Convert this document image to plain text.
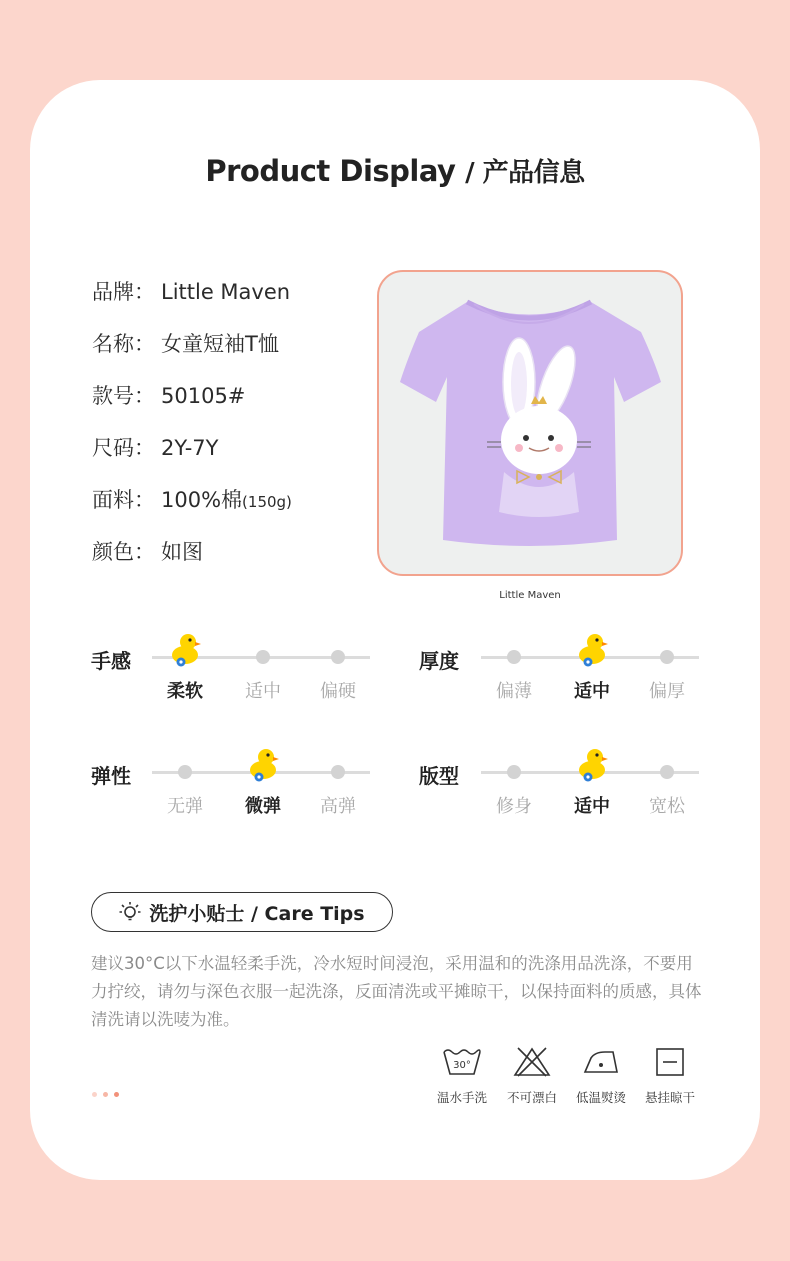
Product Display / 产品信息
品牌： Little Maven
名称： 女童短袖T恤
款号： 50105#
尺码： 2Y-7Y
面料： 100%棉(150g)
颜色： 如图
Little Maven
手感
柔软	适中	偏硬
厚度
偏薄	适中	偏厚
弹性
无弹	微弹	高弹
版型
修身	适中	宽松
洗护小贴士 / Care Tips
建议30°C以下水温轻柔手洗，冷水短时间浸泡，采用温和的洗涤用品洗涤，不要用力拧绞，请勿与深色衣服一起洗涤，反面清洗或平摊晾干，以保持面料的质感，具体清洗请以洗唛为准。
30°
温水手洗	不可漂白	低温熨烫	悬挂晾干
